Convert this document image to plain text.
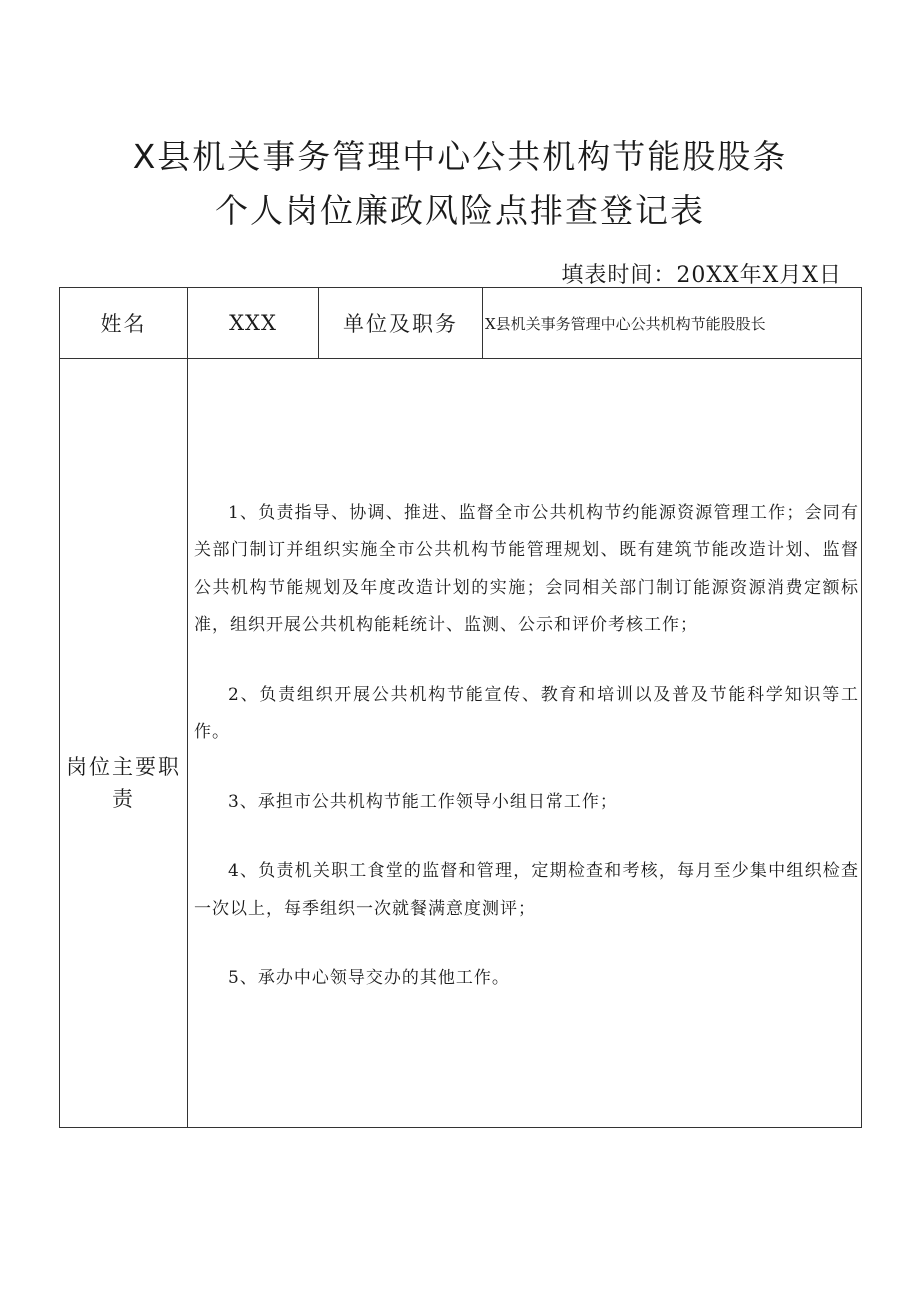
X县机关事务管理中心公共机构节能股股条
个人岗位廉政风险点排查登记表
填表时间：20XX年X月X日
姓名	XXX	单位及职务	X县机关事务管理中心公共机构节能股股长
岗位主要职责	1、负责指导、协调、推进、监督全市公共机构节约能源资源管理工作；会同有关部门制订并组织实施全市公共机构节能管理规划、既有建筑节能改造计划、监督公共机构节能规划及年度改造计划的实施；会同相关部门制订能源资源消费定额标准，组织开展公共机构能耗统计、监测、公示和评价考核工作；

2、负责组织开展公共机构节能宣传、教育和培训以及普及节能科学知识等工作。

3、承担市公共机构节能工作领导小组日常工作；

4、负责机关职工食堂的监督和管理，定期检查和考核，每月至少集中组织检查一次以上，每季组织一次就餐满意度测评；

5、承办中心领导交办的其他工作。		
